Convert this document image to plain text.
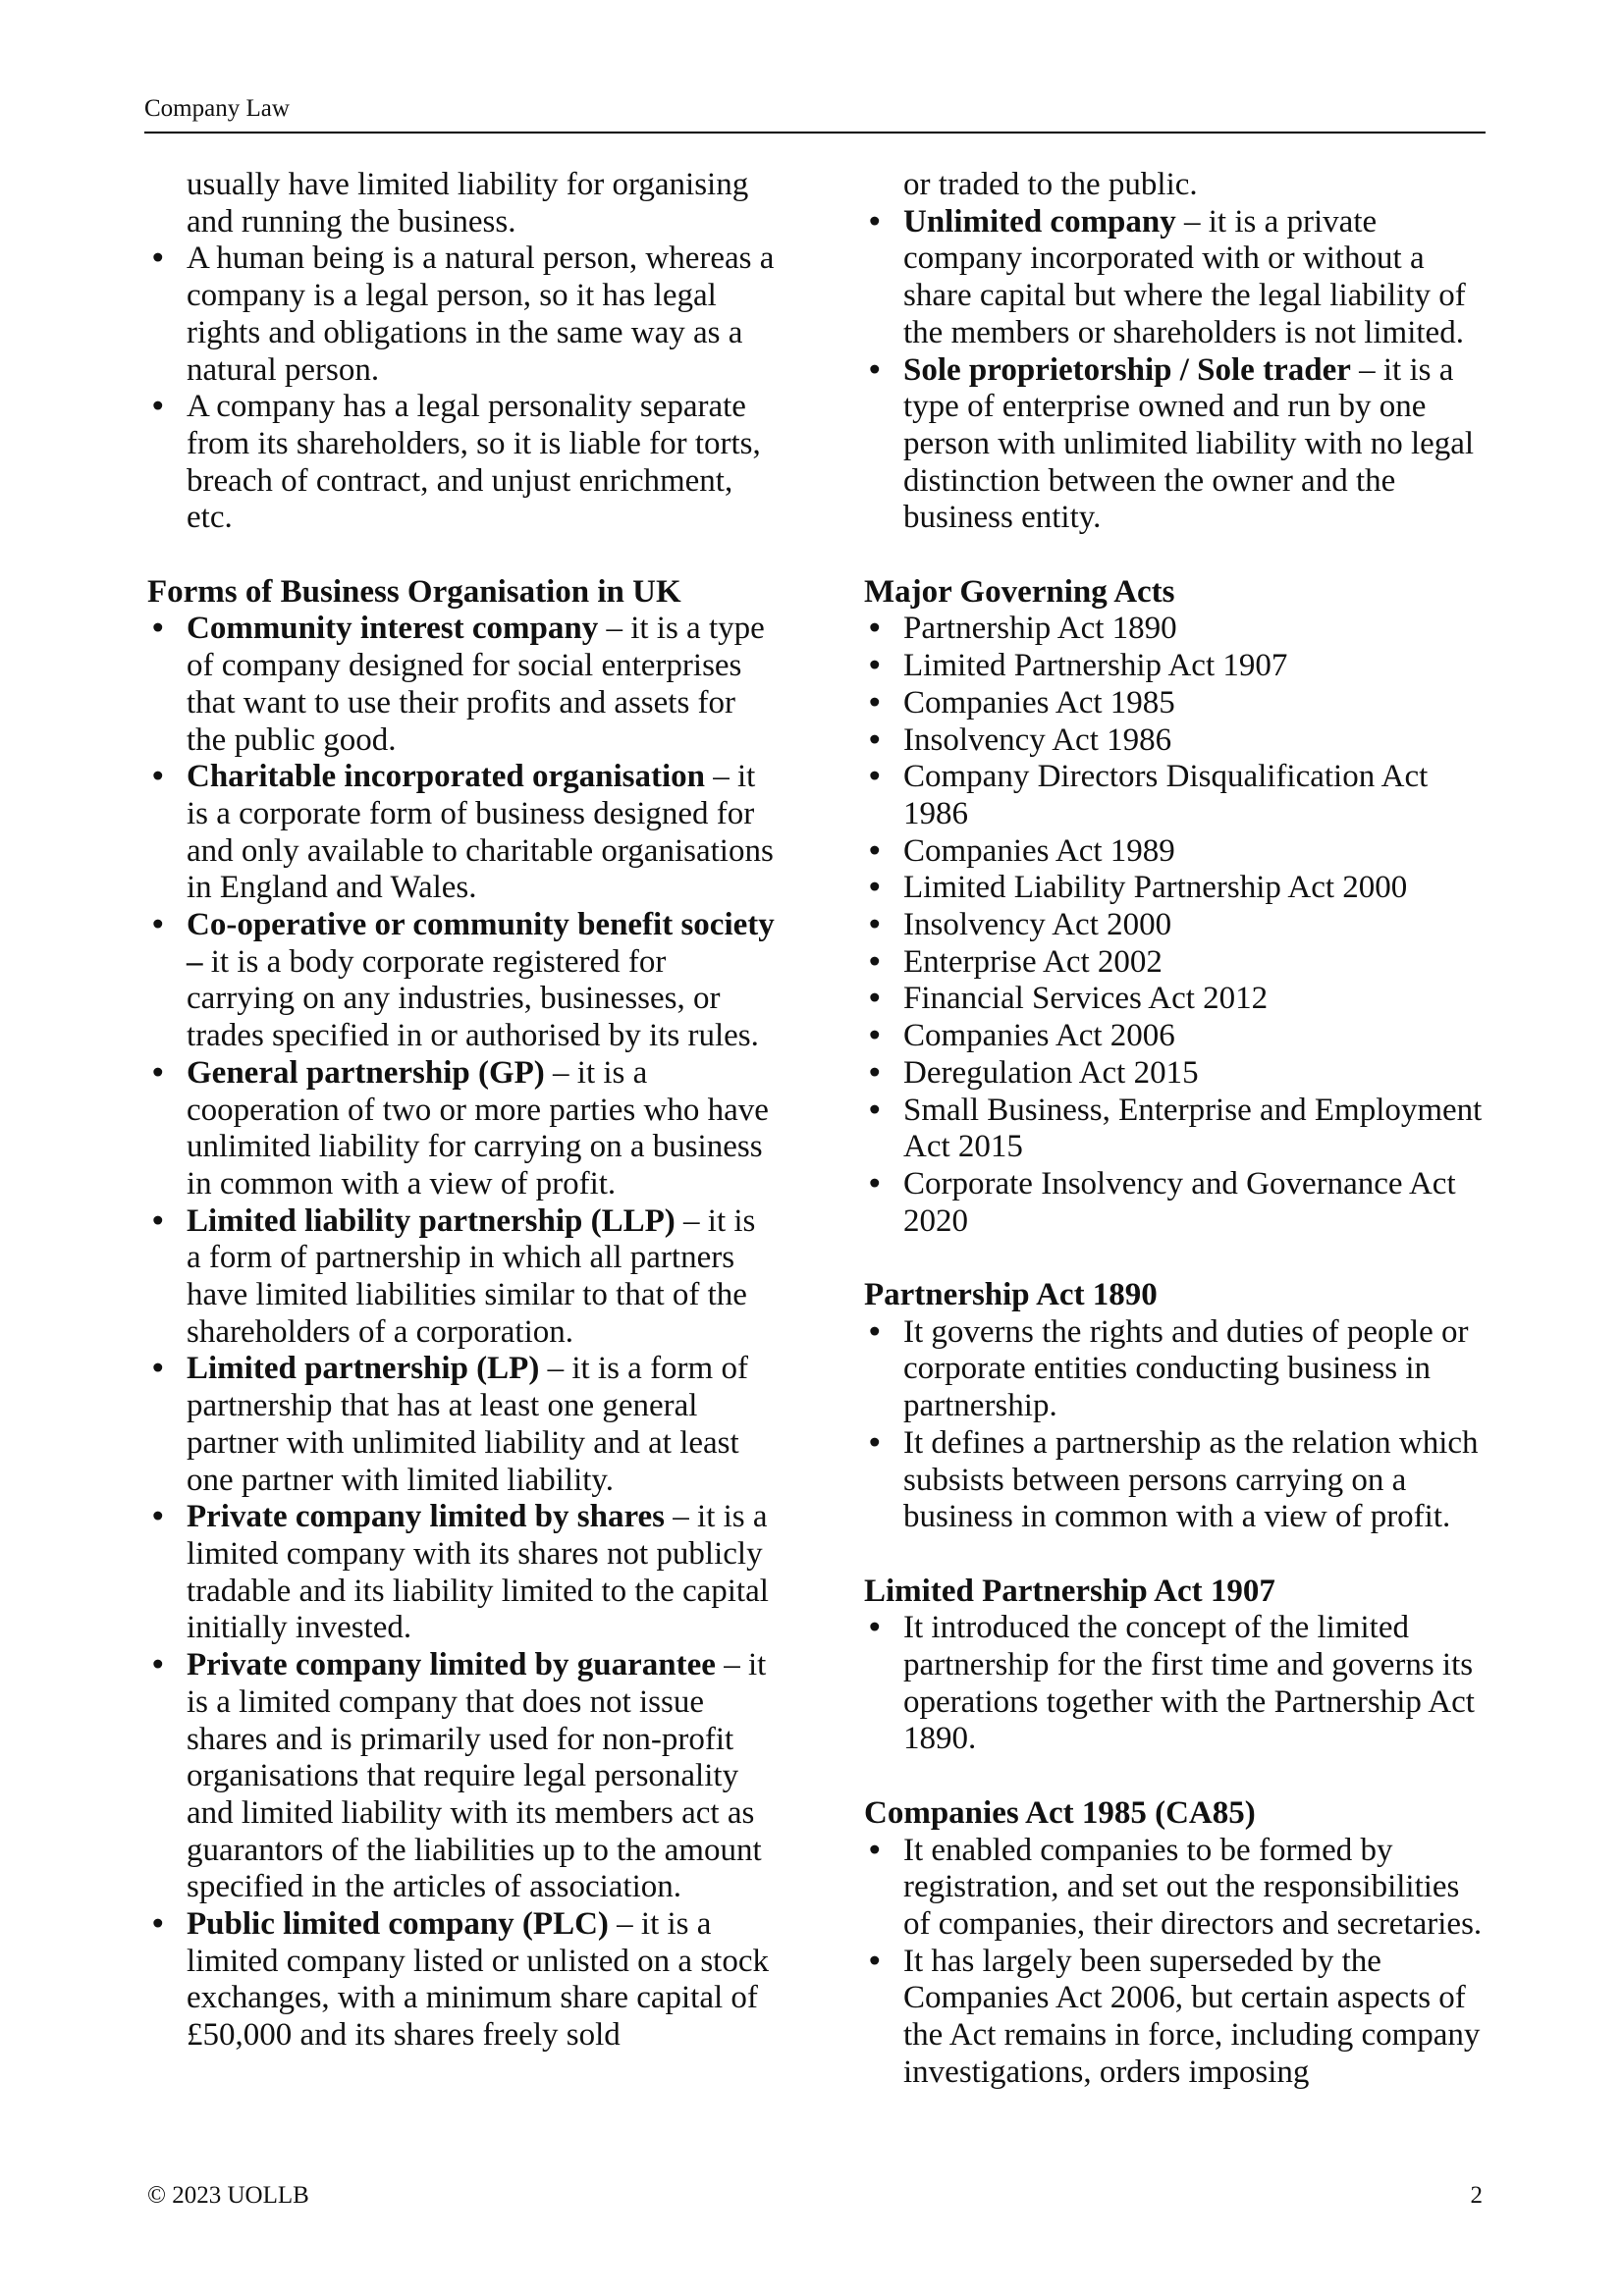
Company Law

usually have limited liability for organising and running the business.

• A human being is a natural person, whereas a company is a legal person, so it has legal rights and obligations in the same way as a natural person.
• A company has a legal personality separate from its shareholders, so it is liable for torts, breach of contract, and unjust enrichment, etc.
Forms of Business Organisation in UK
• Community interest company – it is a type of company designed for social enterprises that want to use their profits and assets for the public good.
• Charitable incorporated organisation – it is a corporate form of business designed for and only available to charitable organisations in England and Wales.
• Co-operative or community benefit society – it is a body corporate registered for carrying on any industries, businesses, or trades specified in or authorised by its rules.
• General partnership (GP) – it is a cooperation of two or more parties who have unlimited liability for carrying on a business in common with a view of profit.
• Limited liability partnership (LLP) – it is a form of partnership in which all partners have limited liabilities similar to that of the shareholders of a corporation.
• Limited partnership (LP) – it is a form of partnership that has at least one general partner with unlimited liability and at least one partner with limited liability.
• Private company limited by shares – it is a limited company with its shares not publicly tradable and its liability limited to the capital initially invested.
• Private company limited by guarantee – it is a limited company that does not issue shares and is primarily used for non-profit organisations that require legal personality and limited liability with its members act as guarantors of the liabilities up to the amount specified in the articles of association.
• Public limited company (PLC) – it is a limited company listed or unlisted on a stock exchanges, with a minimum share capital of £50,000 and its shares freely sold

or traded to the public.

• Unlimited company – it is a private company incorporated with or without a share capital but where the legal liability of the members or shareholders is not limited.
• Sole proprietorship / Sole trader – it is a type of enterprise owned and run by one person with unlimited liability with no legal distinction between the owner and the business entity.
Major Governing Acts
• Partnership Act 1890
• Limited Partnership Act 1907
• Companies Act 1985
• Insolvency Act 1986
• Company Directors Disqualification Act 1986
• Companies Act 1989
• Limited Liability Partnership Act 2000
• Insolvency Act 2000
• Enterprise Act 2002
• Financial Services Act 2012
• Companies Act 2006
• Deregulation Act 2015
• Small Business, Enterprise and Employment Act 2015
• Corporate Insolvency and Governance Act 2020
Partnership Act 1890
• It governs the rights and duties of people or corporate entities conducting business in partnership.
• It defines a partnership as the relation which subsists between persons carrying on a business in common with a view of profit.
Limited Partnership Act 1907
• It introduced the concept of the limited partnership for the first time and governs its operations together with the Partnership Act 1890.
Companies Act 1985 (CA85)
• It enabled companies to be formed by registration, and set out the responsibilities of companies, their directors and secretaries.
• It has largely been superseded by the Companies Act 2006, but certain aspects of the Act remains in force, including company investigations, orders imposing
© 2023 UOLLB	2
